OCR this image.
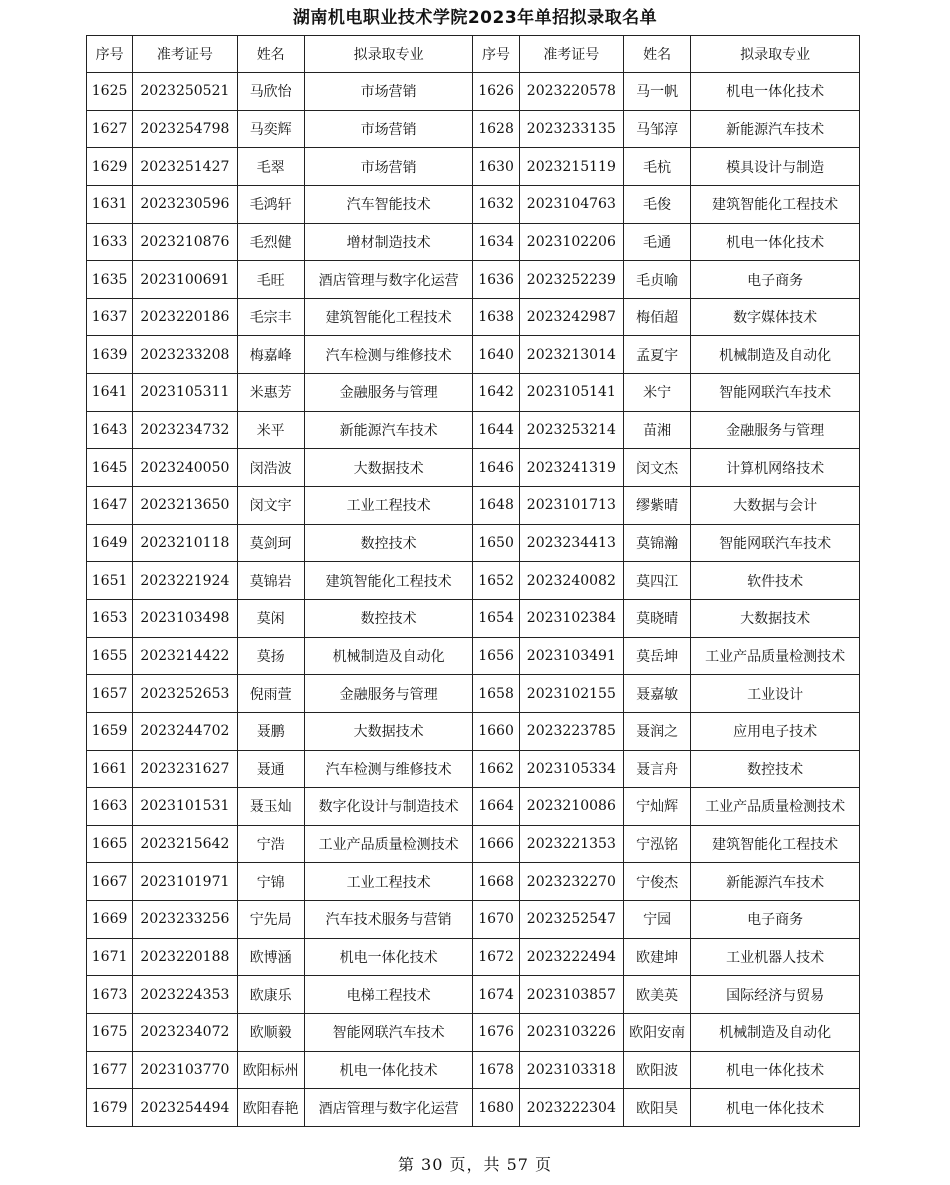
湖南机电职业技术学院2023年单招拟录取名单
序号	准考证号	姓名	拟录取专业	序号	准考证号	姓名	拟录取专业
1625	2023250521	马欣怡	市场营销	1626	2023220578	马一帆	机电一体化技术
1627	2023254798	马奕辉	市场营销	1628	2023233135	马邹淳	新能源汽车技术
1629	2023251427	毛翠	市场营销	1630	2023215119	毛杭	模具设计与制造
1631	2023230596	毛鸿轩	汽车智能技术	1632	2023104763	毛俊	建筑智能化工程技术
1633	2023210876	毛烈健	增材制造技术	1634	2023102206	毛通	机电一体化技术
1635	2023100691	毛旺	酒店管理与数字化运营	1636	2023252239	毛贞喻	电子商务
1637	2023220186	毛宗丰	建筑智能化工程技术	1638	2023242987	梅佰超	数字媒体技术
1639	2023233208	梅嘉峰	汽车检测与维修技术	1640	2023213014	孟夏宇	机械制造及自动化
1641	2023105311	米惠芳	金融服务与管理	1642	2023105141	米宁	智能网联汽车技术
1643	2023234732	米平	新能源汽车技术	1644	2023253214	苗湘	金融服务与管理
1645	2023240050	闵浩波	大数据技术	1646	2023241319	闵文杰	计算机网络技术
1647	2023213650	闵文宇	工业工程技术	1648	2023101713	缪紫晴	大数据与会计
1649	2023210118	莫剑珂	数控技术	1650	2023234413	莫锦瀚	智能网联汽车技术
1651	2023221924	莫锦岩	建筑智能化工程技术	1652	2023240082	莫四江	软件技术
1653	2023103498	莫闲	数控技术	1654	2023102384	莫晓晴	大数据技术
1655	2023214422	莫扬	机械制造及自动化	1656	2023103491	莫岳坤	工业产品质量检测技术
1657	2023252653	倪雨萱	金融服务与管理	1658	2023102155	聂嘉敏	工业设计
1659	2023244702	聂鹏	大数据技术	1660	2023223785	聂润之	应用电子技术
1661	2023231627	聂通	汽车检测与维修技术	1662	2023105334	聂言舟	数控技术
1663	2023101531	聂玉灿	数字化设计与制造技术	1664	2023210086	宁灿辉	工业产品质量检测技术
1665	2023215642	宁浩	工业产品质量检测技术	1666	2023221353	宁泓铭	建筑智能化工程技术
1667	2023101971	宁锦	工业工程技术	1668	2023232270	宁俊杰	新能源汽车技术
1669	2023233256	宁先局	汽车技术服务与营销	1670	2023252547	宁园	电子商务
1671	2023220188	欧博涵	机电一体化技术	1672	2023222494	欧建坤	工业机器人技术
1673	2023224353	欧康乐	电梯工程技术	1674	2023103857	欧美英	国际经济与贸易
1675	2023234072	欧顺毅	智能网联汽车技术	1676	2023103226	欧阳安南	机械制造及自动化
1677	2023103770	欧阳标州	机电一体化技术	1678	2023103318	欧阳波	机电一体化技术
1679	2023254494	欧阳春艳	酒店管理与数字化运营	1680	2023222304	欧阳昊	机电一体化技术
第 30 页，共 57 页
